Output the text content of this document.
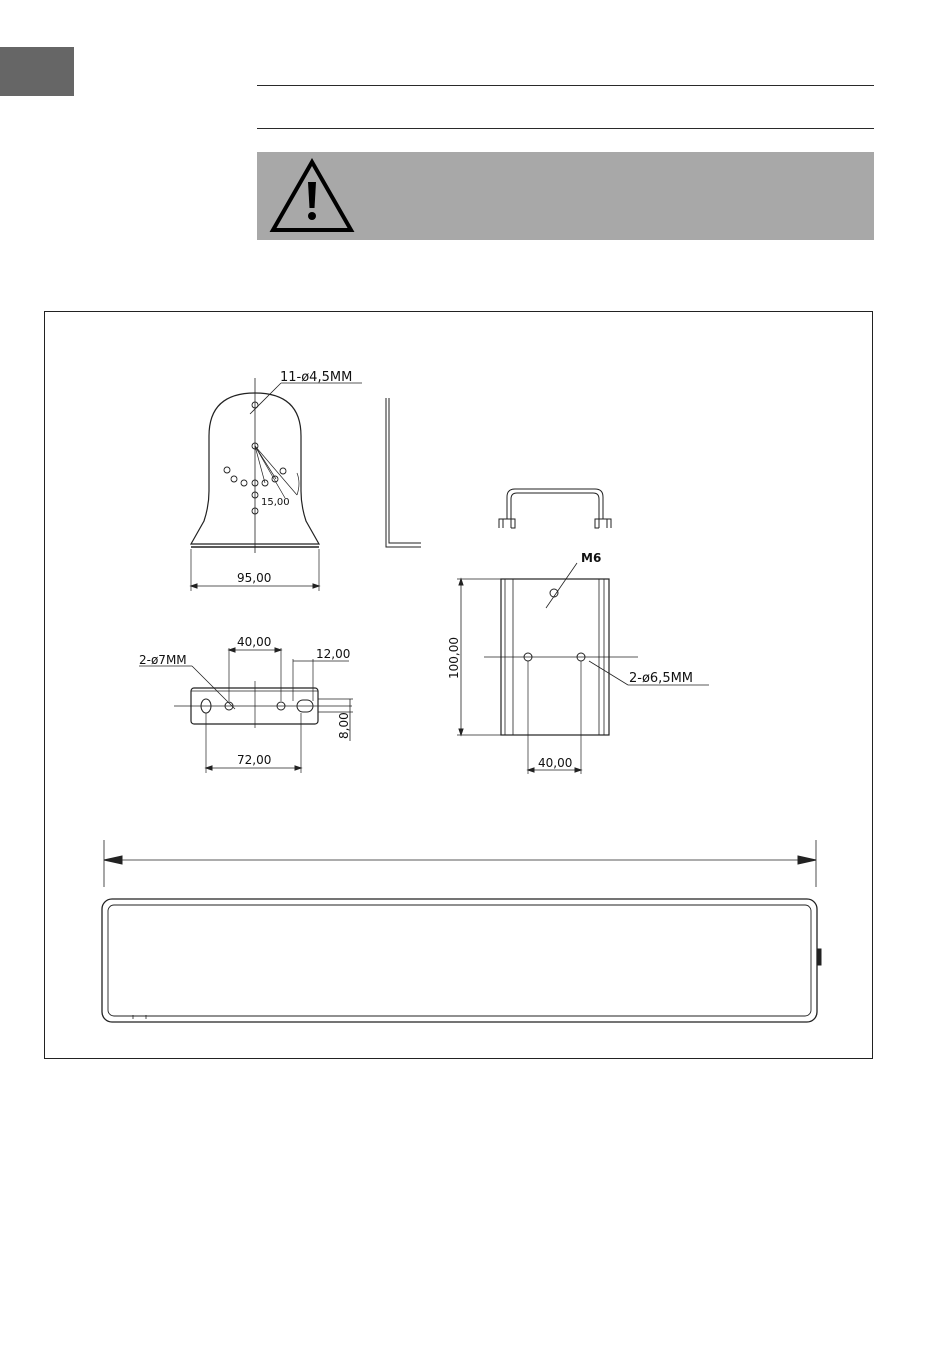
11-ø4,5MM
15,00
95,00
2-ø7MM
40,00
12,00
8,00
72,00
M6
100,00	2-ø6,5MM
40,00
